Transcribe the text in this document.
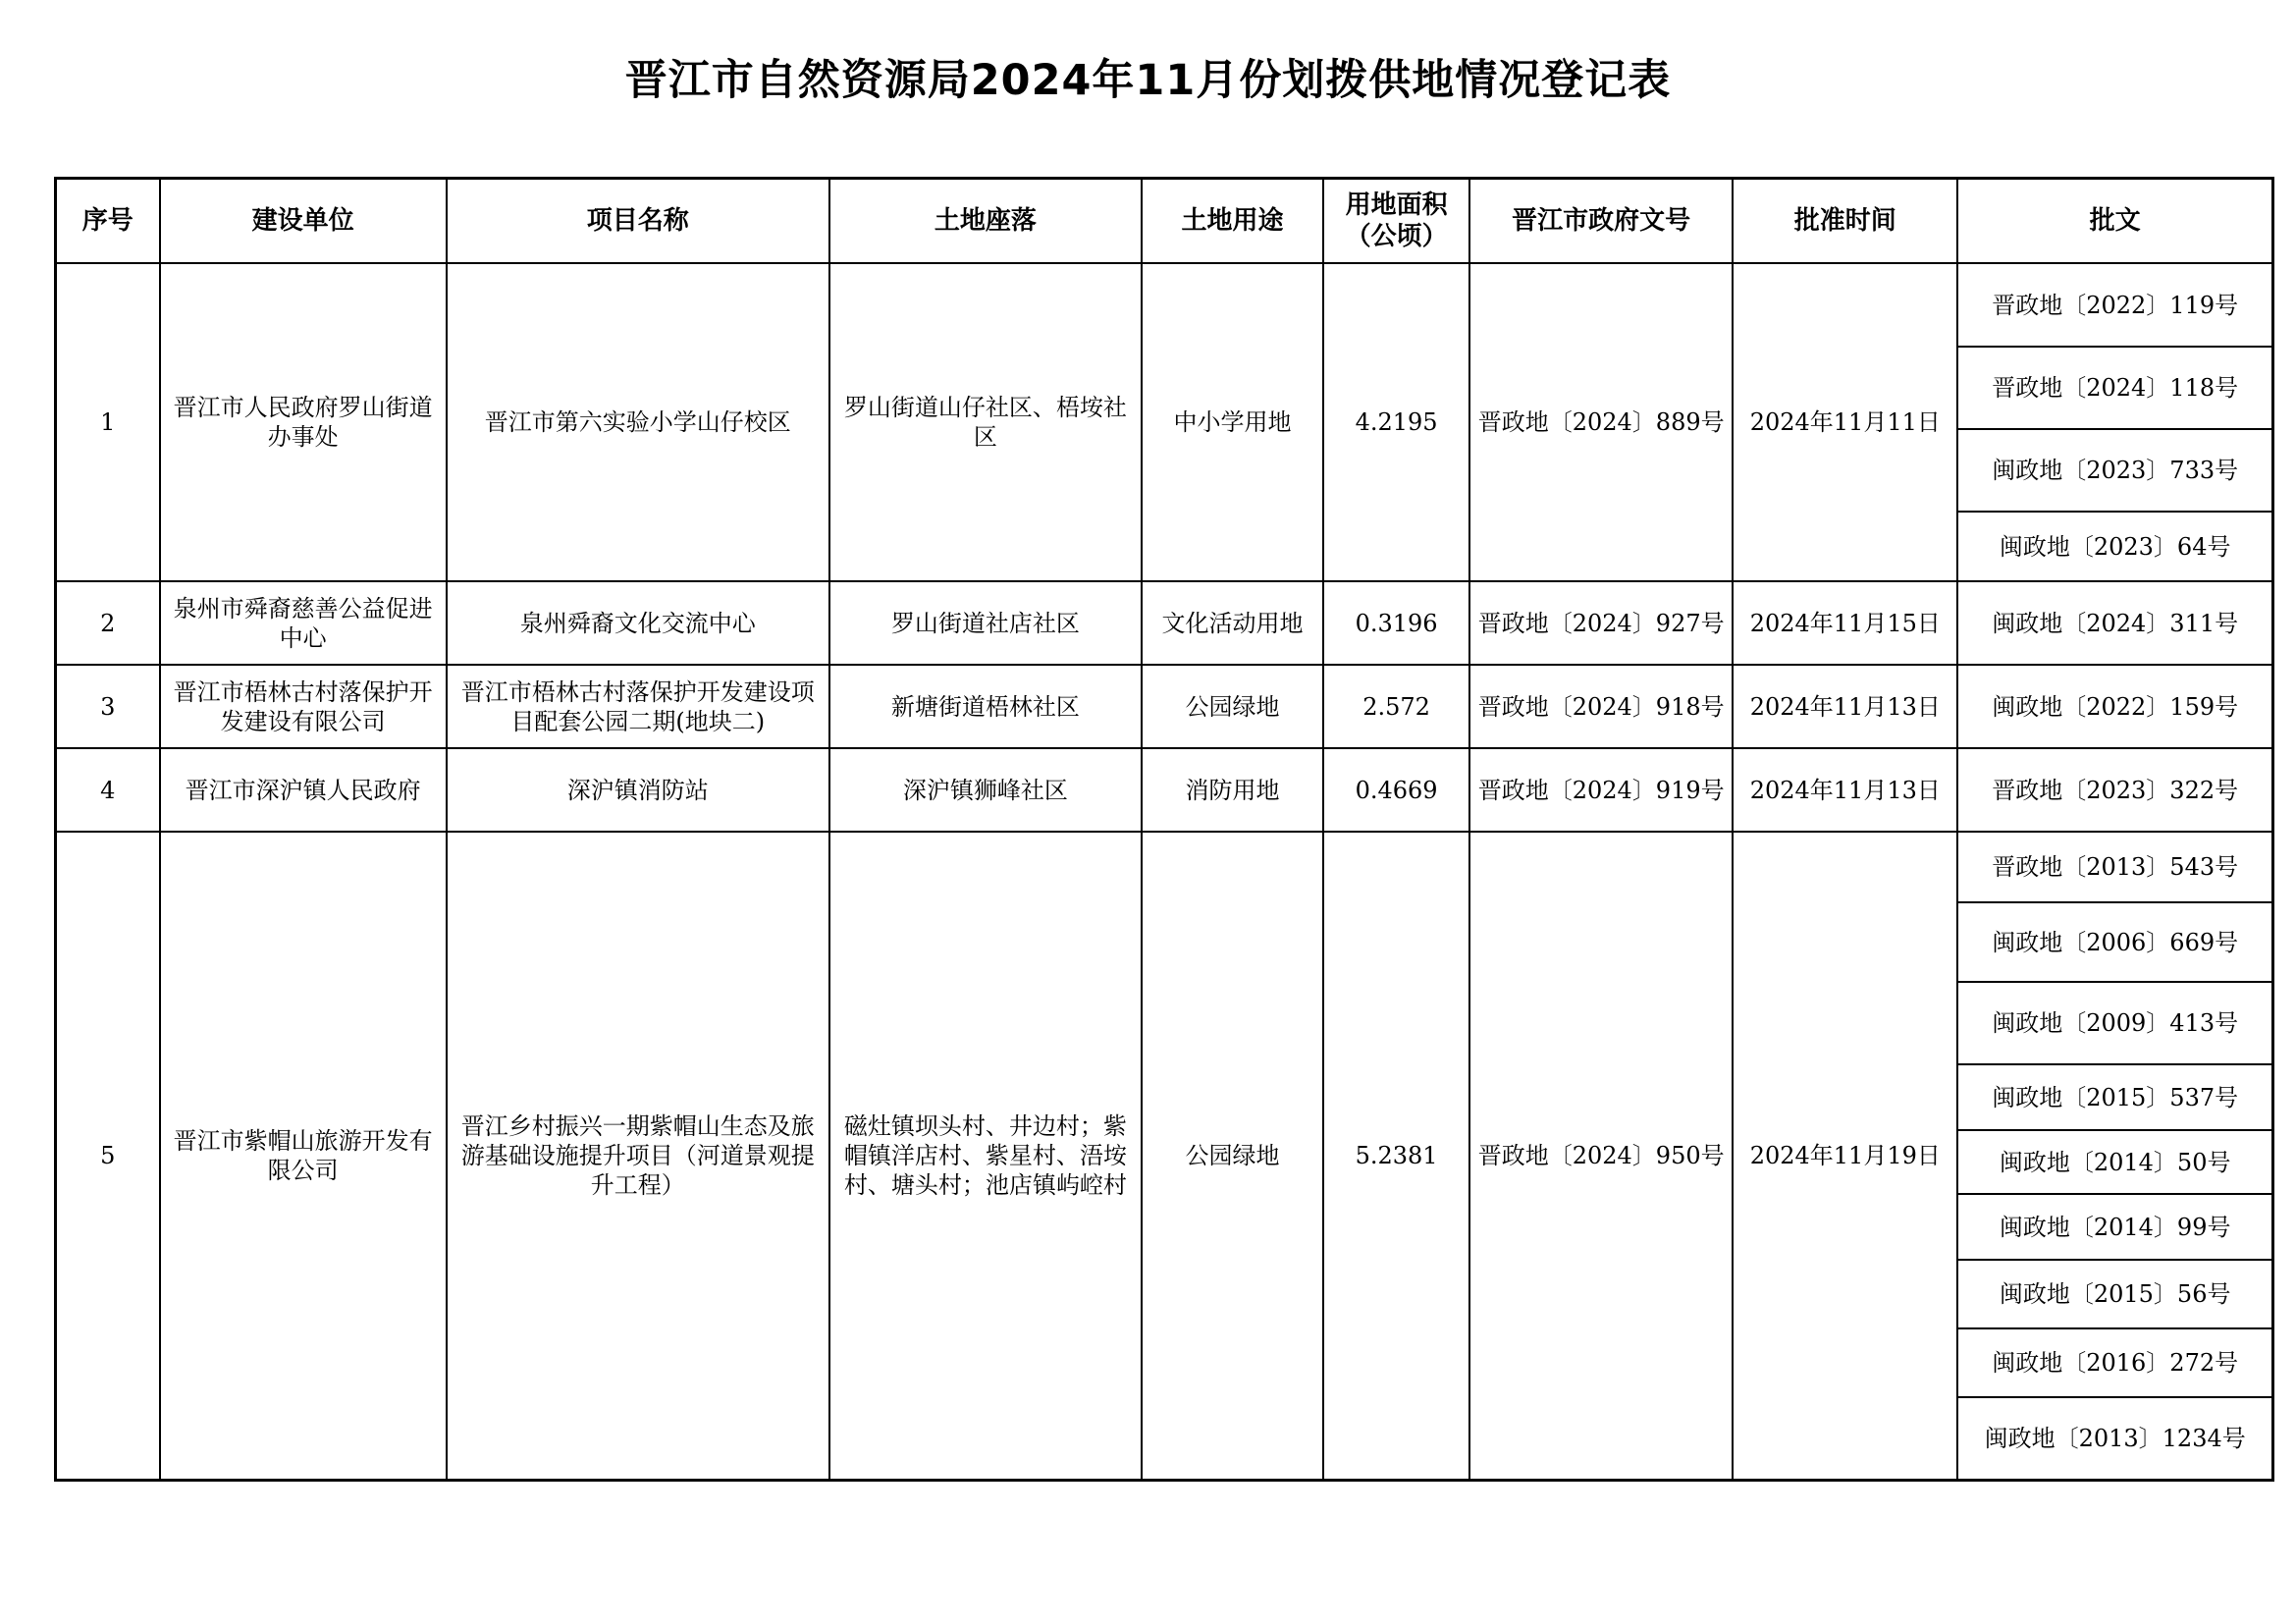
晋江市自然资源局2024年11月份划拨供地情况登记表
序号	建设单位	项目名称	土地座落	土地用途	用地面积（公顷）	晋江市政府文号	批准时间	批文
1	晋江市人民政府罗山街道办事处	晋江市第六实验小学山仔校区	罗山街道山仔社区、梧垵社区	中小学用地	4.2195	晋政地〔2024〕889号	2024年11月11日	晋政地〔2022〕119号
								晋政地〔2024〕118号
								闽政地〔2023〕733号
								闽政地〔2023〕64号
2	泉州市舜裔慈善公益促进中心	泉州舜裔文化交流中心	罗山街道社店社区	文化活动用地	0.3196	晋政地〔2024〕927号	2024年11月15日	闽政地〔2024〕311号
3	晋江市梧林古村落保护开发建设有限公司	晋江市梧林古村落保护开发建设项目配套公园二期(地块二)	新塘街道梧林社区	公园绿地	2.572	晋政地〔2024〕918号	2024年11月13日	闽政地〔2022〕159号
4	晋江市深沪镇人民政府	深沪镇消防站	深沪镇狮峰社区	消防用地	0.4669	晋政地〔2024〕919号	2024年11月13日	晋政地〔2023〕322号
5	晋江市紫帽山旅游开发有限公司	晋江乡村振兴一期紫帽山生态及旅游基础设施提升项目（河道景观提升工程）	磁灶镇坝头村、井边村；紫帽镇洋店村、紫星村、浯垵村、塘头村；池店镇屿崆村	公园绿地	5.2381	晋政地〔2024〕950号	2024年11月19日	晋政地〔2013〕543号
								闽政地〔2006〕669号
								闽政地〔2009〕413号
								闽政地〔2015〕537号
								闽政地〔2014〕50号
								闽政地〔2014〕99号
								闽政地〔2015〕56号
								闽政地〔2016〕272号
								闽政地〔2013〕1234号
